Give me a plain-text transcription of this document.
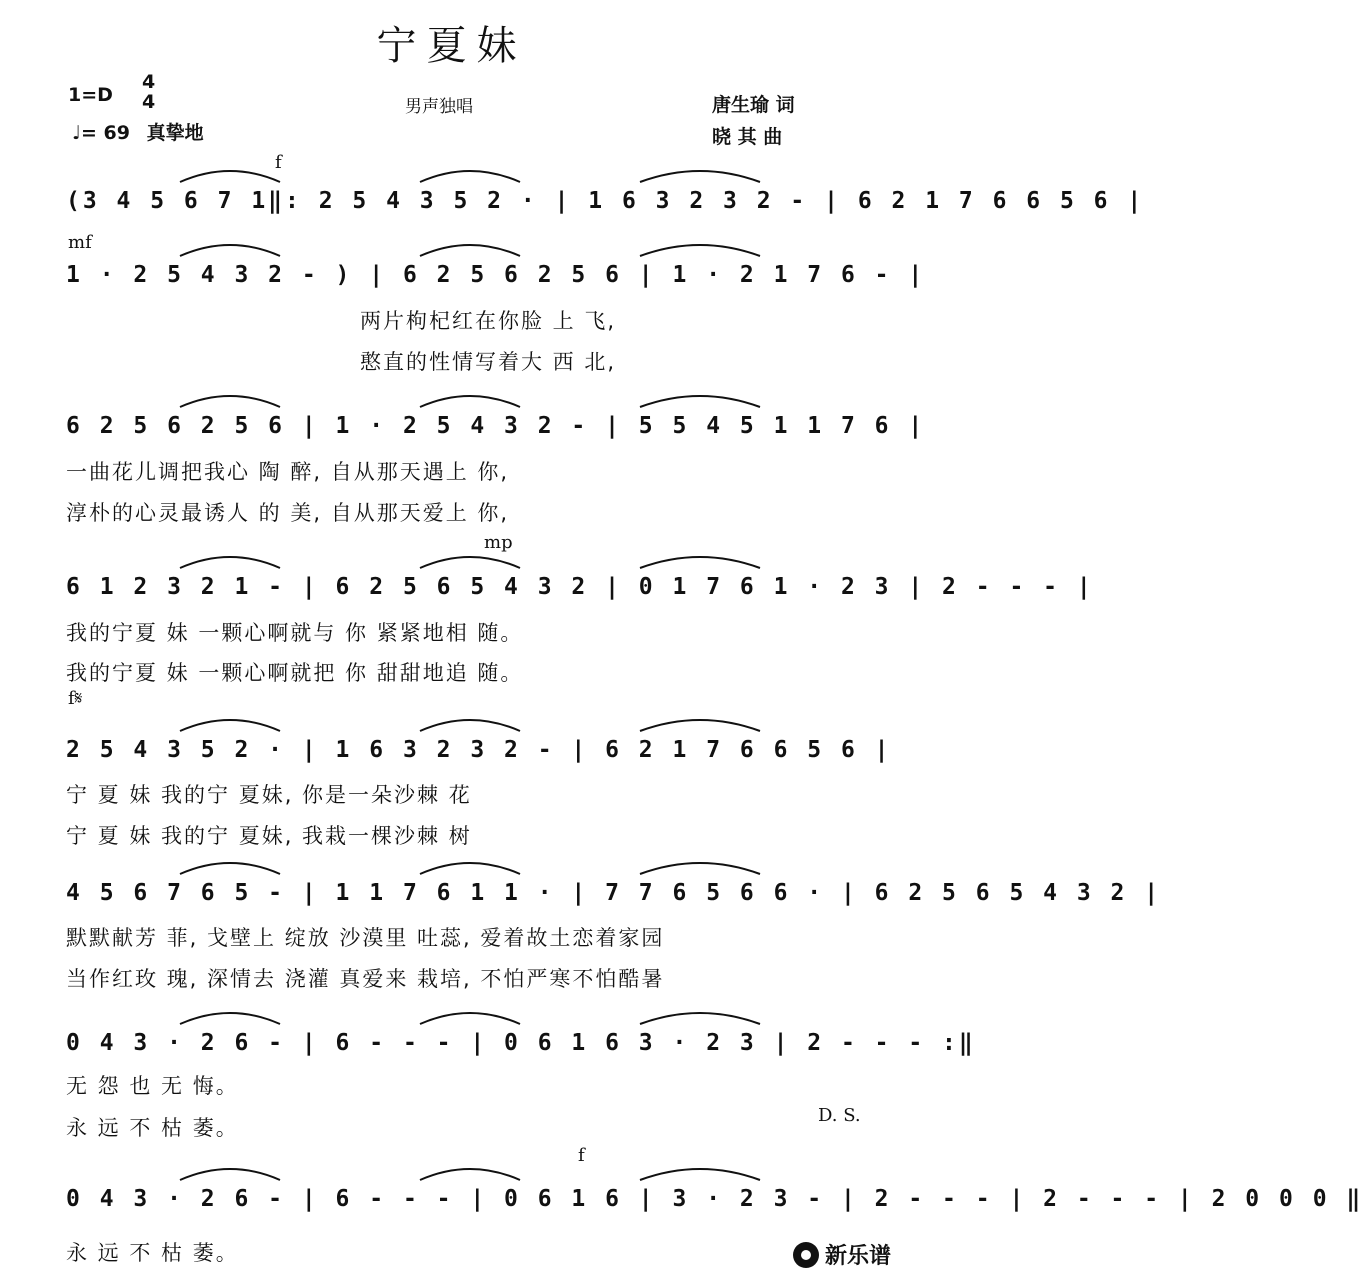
宁夏妹
1=D
4
4
♩= 69 真挚地
男声独唱	唐生瑜 词
晓 其 曲
(3 4 5 6 7 1‖: 2 5 4 3 5 2 · | 1 6 3 2 3 2 - | 6 2 1 7 6 6 5 6 |
f
1 · 2 5 4 3 2 - ) | 6 2 5 6 2 5 6 | 1 · 2 1 7 6 - |
mf
两片枸杞红在你脸 上 飞,
憨直的性情写着大 西 北,
6 2 5 6 2 5 6 | 1 · 2 5 4 3 2 - | 5 5 4 5 1 1 7 6 |
一曲花儿调把我心 陶 醉, 自从那天遇上 你,
淳朴的心灵最诱人 的 美, 自从那天爱上 你,
6 1 2 3 2 1 - | 6 2 5 6 5 4 3 2 | 0 1 7 6 1 · 2 3 | 2 - - - |
mp
我的宁夏 妹 一颗心啊就与 你 紧紧地相 随。
我的宁夏 妹 一颗心啊就把 你 甜甜地追 随。
2 5 4 3 5 2 · | 1 6 3 2 3 2 - | 6 2 1 7 6 6 5 6 |
f𝄋
宁 夏 妹 我的宁 夏妹, 你是一朵沙棘 花
宁 夏 妹 我的宁 夏妹, 我栽一棵沙棘 树
4 5 6 7 6 5 - | 1 1 7 6 1 1 · | 7 7 6 5 6 6 · | 6 2 5 6 5 4 3 2 |
默默献芳 菲, 戈壁上 绽放 沙漠里 吐蕊, 爱着故土恋着家园
当作红玫 瑰, 深情去 浇灌 真爱来 栽培, 不怕严寒不怕酷暑
0 4 3 · 2 6 - | 6 - - - | 0 6 1 6 3 · 2 3 | 2 - - - :‖
无 怨 也 无 悔。
永 远 不 枯 萎。
0 4 3 · 2 6 - | 6 - - - | 0 6 1 6 | 3 · 2 3 - | 2 - - - | 2 - - - | 2 0 0 0 ‖
f
永 远 不 枯 萎。
D. S.
新乐谱
